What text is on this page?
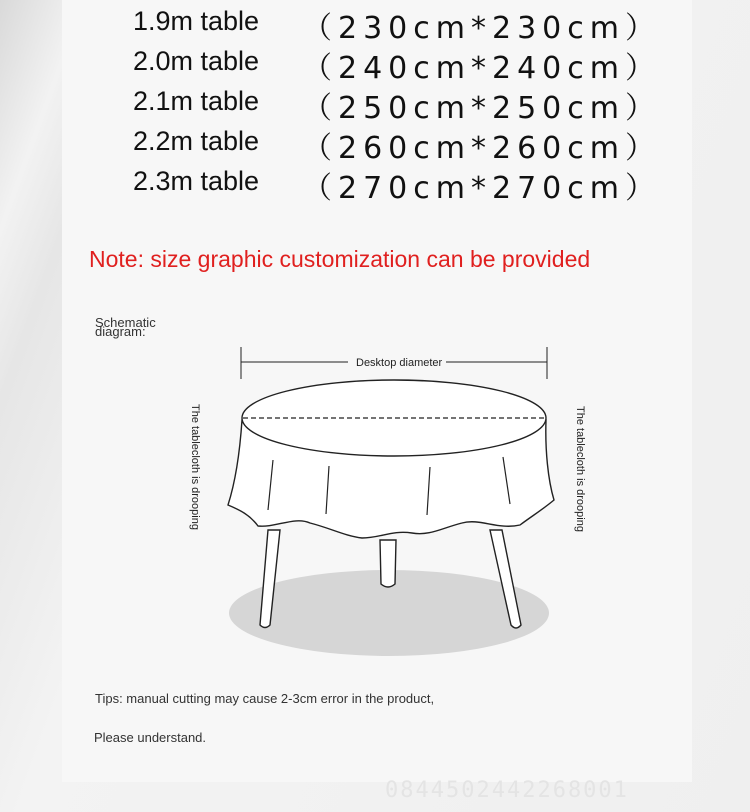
1.9m table （230cm*230cm）
2.0m table （240cm*240cm）
2.1m table （250cm*250cm）
2.2m table （260cm*260cm）
2.3m table （270cm*270cm）
Note: size graphic customization can be provided
Schematic diagram:
Desktop diameter
The tablecloth is drooping	The tablecloth is drooping
Tips: manual cutting may cause 2-3cm error in the product,
Please understand.
0844502442268001
